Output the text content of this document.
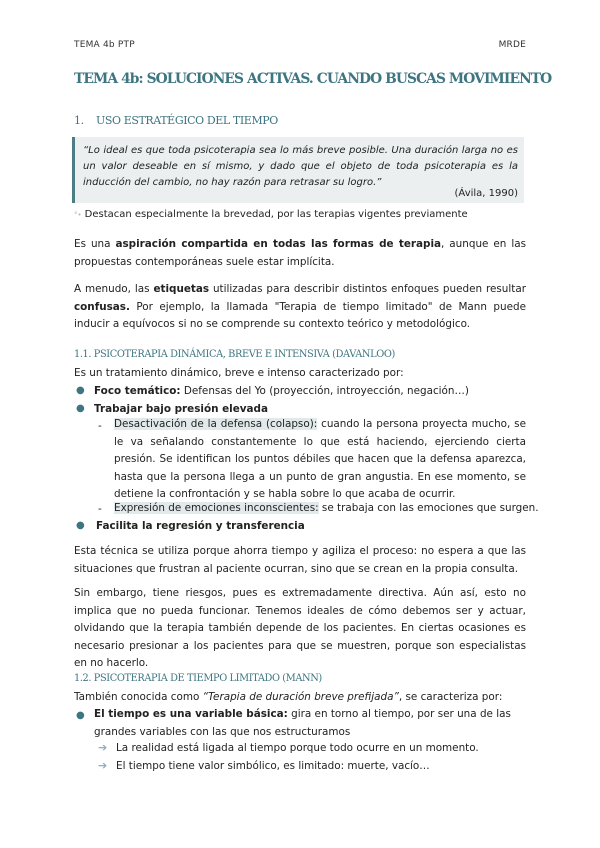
TEMA 4b PTP	MRDE
TEMA 4b: SOLUCIONES ACTIVAS. CUANDO BUSCAS MOVIMIENTO
1. USO ESTRATÉGICO DEL TIEMPO

“Lo ideal es que toda psicoterapia sea lo más breve posible. Una duración larga no es un valor deseable en sí mismo, y dado que el objeto de toda psicoterapia es la inducción del cambio, no hay razón para retrasar su logro.”

(Ávila, 1990)
°• Destacan especialmente la brevedad, por las terapias vigentes previamente

Es una aspiración compartida en todas las formas de terapia, aunque en las propuestas contemporáneas suele estar implícita.

A menudo, las etiquetas utilizadas para describir distintos enfoques pueden resultar confusas. Por ejemplo, la llamada "Terapia de tiempo limitado" de Mann puede inducir a equívocos si no se comprende su contexto teórico y metodológico.

1.1. PSICOTERAPIA DINÁMICA, BREVE E INTENSIVA (DAVANLOO)
Es un tratamiento dinámico, breve e intenso caracterizado por:
● Foco temático: Defensas del Yo (proyección, introyección, negación…)
● Trabajar bajo presión elevada
- Desactivación de la defensa (colapso): cuando la persona proyecta mucho, se le va señalando constantemente lo que está haciendo, ejerciendo cierta presión. Se identifican los puntos débiles que hacen que la defensa aparezca, hasta que la persona llega a un punto de gran angustia. En ese momento, se detiene la confrontación y se habla sobre lo que acaba de ocurrir.

- Expresión de emociones inconscientes: se trabaja con las emociones que surgen.
● Facilita la regresión y transferencia

Esta técnica se utiliza porque ahorra tiempo y agiliza el proceso: no espera a que las situaciones que frustran al paciente ocurran, sino que se crean en la propia consulta.

Sin embargo, tiene riesgos, pues es extremadamente directiva. Aún así, esto no implica que no pueda funcionar. Tenemos ideales de cómo debemos ser y actuar, olvidando que la terapia también depende de los pacientes. En ciertas ocasiones es necesario presionar a los pacientes para que se muestren, porque son especialistas en no hacerlo.

1.2. PSICOTERAPIA DE TIEMPO LIMITADO (MANN)
También conocida como “Terapia de duración breve prefijada”, se caracteriza por:
● El tiempo es una variable básica: gira en torno al tiempo, por ser una de las grandes variables con las que nos estructuramos

➔ La realidad está ligada al tiempo porque todo ocurre en un momento.
➔ El tiempo tiene valor simbólico, es limitado: muerte, vacío…
